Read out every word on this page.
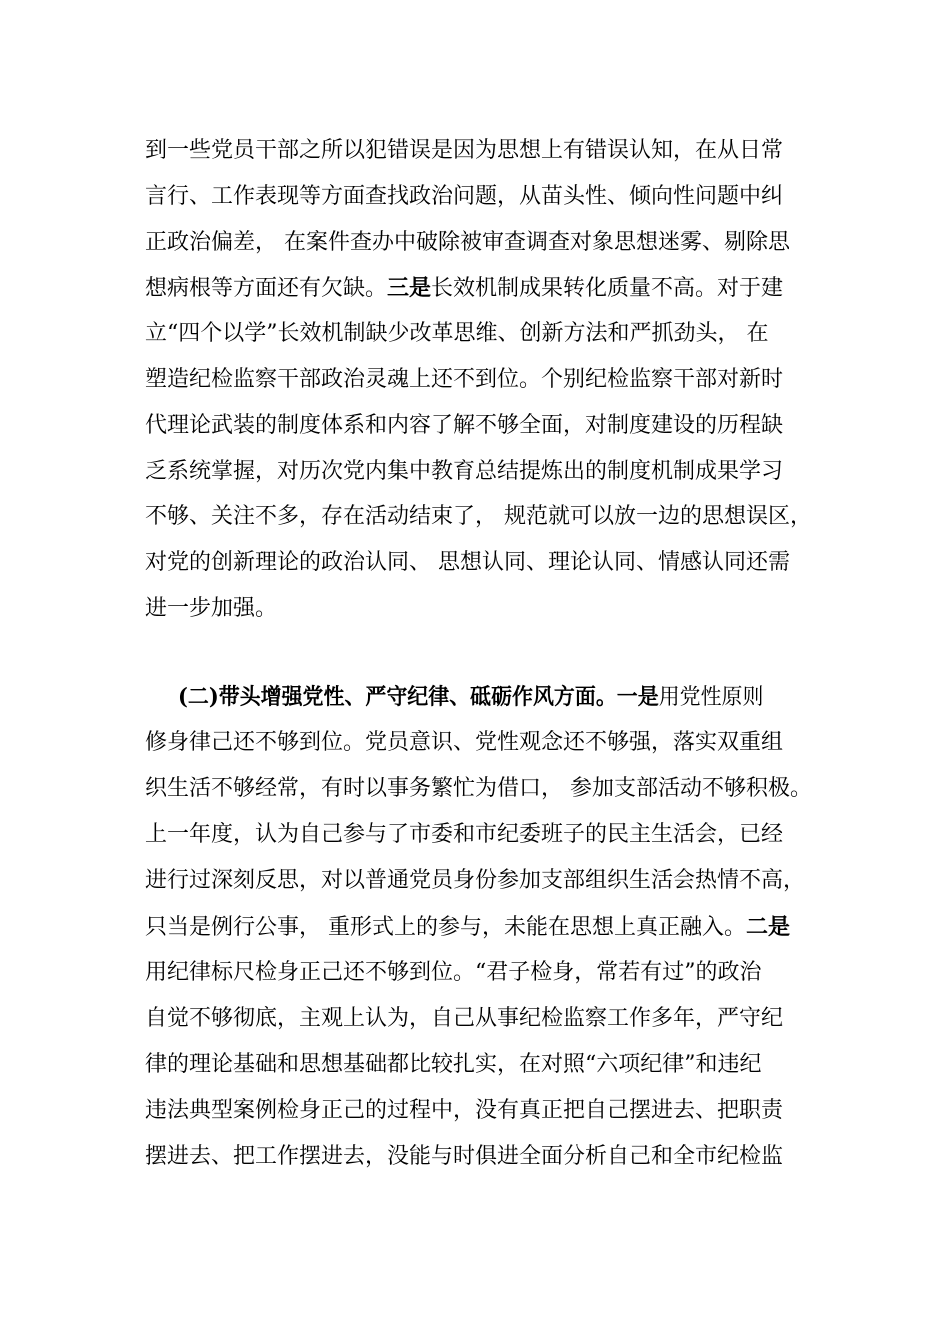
到一些党员干部之所以犯错误是因为思想上有错误认知，在从日常
言行、工作表现等方面查找政治问题，从苗头性、倾向性问题中纠
正政治偏差， 在案件查办中破除被审查调查对象思想迷雾、剔除思
想病根等方面还有欠缺。三是长效机制成果转化质量不高。对于建
立“四个以学”长效机制缺少改革思维、创新方法和严抓劲头， 在
塑造纪检监察干部政治灵魂上还不到位。个别纪检监察干部对新时
代理论武装的制度体系和内容了解不够全面，对制度建设的历程缺
乏系统掌握，对历次党内集中教育总结提炼出的制度机制成果学习
不够、关注不多，存在活动结束了， 规范就可以放一边的思想误区，
对党的创新理论的政治认同、 思想认同、理论认同、情感认同还需
进一步加强。
(二)带头增强党性、严守纪律、砥砺作风方面。一是用党性原则
修身律己还不够到位。党员意识、党性观念还不够强，落实双重组
织生活不够经常，有时以事务繁忙为借口， 参加支部活动不够积极。
上一年度，认为自己参与了市委和市纪委班子的民主生活会，已经
进行过深刻反思，对以普通党员身份参加支部组织生活会热情不高，
只当是例行公事， 重形式上的参与，未能在思想上真正融入。二是
用纪律标尺检身正己还不够到位。“君子检身，常若有过”的政治
自觉不够彻底，主观上认为，自己从事纪检监察工作多年，严守纪
律的理论基础和思想基础都比较扎实，在对照“六项纪律”和违纪
违法典型案例检身正己的过程中，没有真正把自己摆进去、把职责
摆进去、把工作摆进去，没能与时俱进全面分析自己和全市纪检监
